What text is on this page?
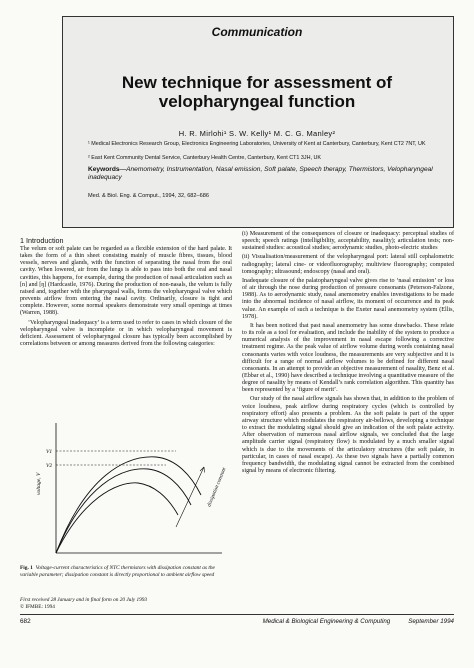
Communication
New technique for assessment of
velopharyngeal function
H. R. Mirlohi¹ S. W. Kelly¹ M. C. G. Manley²
¹ Medical Electronics Research Group, Electronics Engineering Laboratories, University of Kent at Canterbury, Canterbury, Kent CT2 7NT, UK
² East Kent Community Dental Service, Canterbury Health Centre, Canterbury, Kent CT1 3JH, UK
Keywords—Anemometry, Instrumentation, Nasal emission, Soft palate, Speech therapy, Thermistors, Velopharyngeal inadequacy
Med. & Biol. Eng. & Comput., 1994, 32, 682–686
1 Introduction

The velum or soft palate can be regarded as a flexible extension of the hard palate. It takes the form of a thin sheet consisting mainly of muscle fibres, tissues, blood vessels, nerves and glands, with the function of separating the nasal from the oral cavity. When lowered, air from the lungs is able to pass into both the oral and nasal cavities, this happens, for example, during the production of nasal articulation such as [n] and [ŋ] (Hardcastle, 1976). During the production of non-nasals, the velum is fully raised and, together with the pharyngeal walls, forms the velopharyngeal valve which prevents airflow from entering the nasal cavity. Ordinarily, closure is tight and complete. However, some normal speakers demonstrate very small openings at times (Warren, 1988).

‘Velopharyngeal inadequacy’ is a term used to refer to cases in which closure of the velopharyngeal valve is incomplete or in which velopharyngeal movement is deficient. Assessment of velopharyngeal closure has typically been accomplished by correlations between or among measures derived from the following categories:

voltage, V
V1
V2
dissipation constant
Fig. 1 Voltage-current characteristics of NTC thermistors with dissipation constant as the variable parameter; dissipation constant is directly proportional to ambient airflow speed
First received 28 January and in final form on 20 July 1993
© IFMBE: 1994

(i) Measurement of the consequences of closure or inadequacy: perceptual studies of speech; speech ratings (intelligibility, acceptability, nasality); articulation tests; non-sustained studies: acoustical studies; aerodynamic studies, photo-electric studies

(ii) Visualisation/measurement of the velopharyngeal port: lateral still cephalometric radiography; lateral cine- or videofluorography; multiview fluorography; computed tomography; ultrasound; endoscopy (nasal and oral).

Inadequate closure of the palatopharyngeal valve gives rise to ‘nasal emission’ or loss of air through the nose during production of pressure consonants (Peterson-Falzone, 1988). As to aerodynamic study, nasal anemometry enables investigations to be made into the abnormal incidence of nasal airflow, its moment of occurrence and its peak value. An example of such a technique is the Exeter nasal anemometry system (Ellis, 1978).

It has been noticed that past nasal anemometry has some drawbacks. These relate to its role as a tool for evaluation, and include the inability of the system to produce a numerical analysis of the improvement in nasal escape following a corrective treatment regime. As the peak value of airflow volume during words containing nasal consonants varies with voice loudness, the measurements are very subjective and it is difficult for a range of normal airflow volumes to be defined for different nasal consonants. In an attempt to provide an objective measurement of nasality, Benz et al. (Ebbar et al., 1990) have described a technique involving a quantitative measure of the degree of nasality by means of Kendall’s rank correlation algorithm. This quantity has been represented by a ‘figure of merit’.

Our study of the nasal airflow signals has shown that, in addition to the problem of voice loudness, peak airflow during respiratory cycles (which is controlled by respiratory effort) also presents a problem. As the soft palate is part of the upper airway structure which modulates the respiratory air-bellows, developing a technique to extract the modulating signal should give an indication of the soft palate activity. After observation of numerous nasal airflow signals, we concluded that the large amplitude carrier signal (respiratory flow) is modulated by a much smaller signal which is due to the movements of the articulatory structures (the soft palate, in particular, in cases of nasal escape). As these two signals have a partially common frequency bandwidth, the modulating signal cannot be extracted from the combined signal by means of electronic filtering.

682	Medical & Biological Engineering & Computing	September 1994
